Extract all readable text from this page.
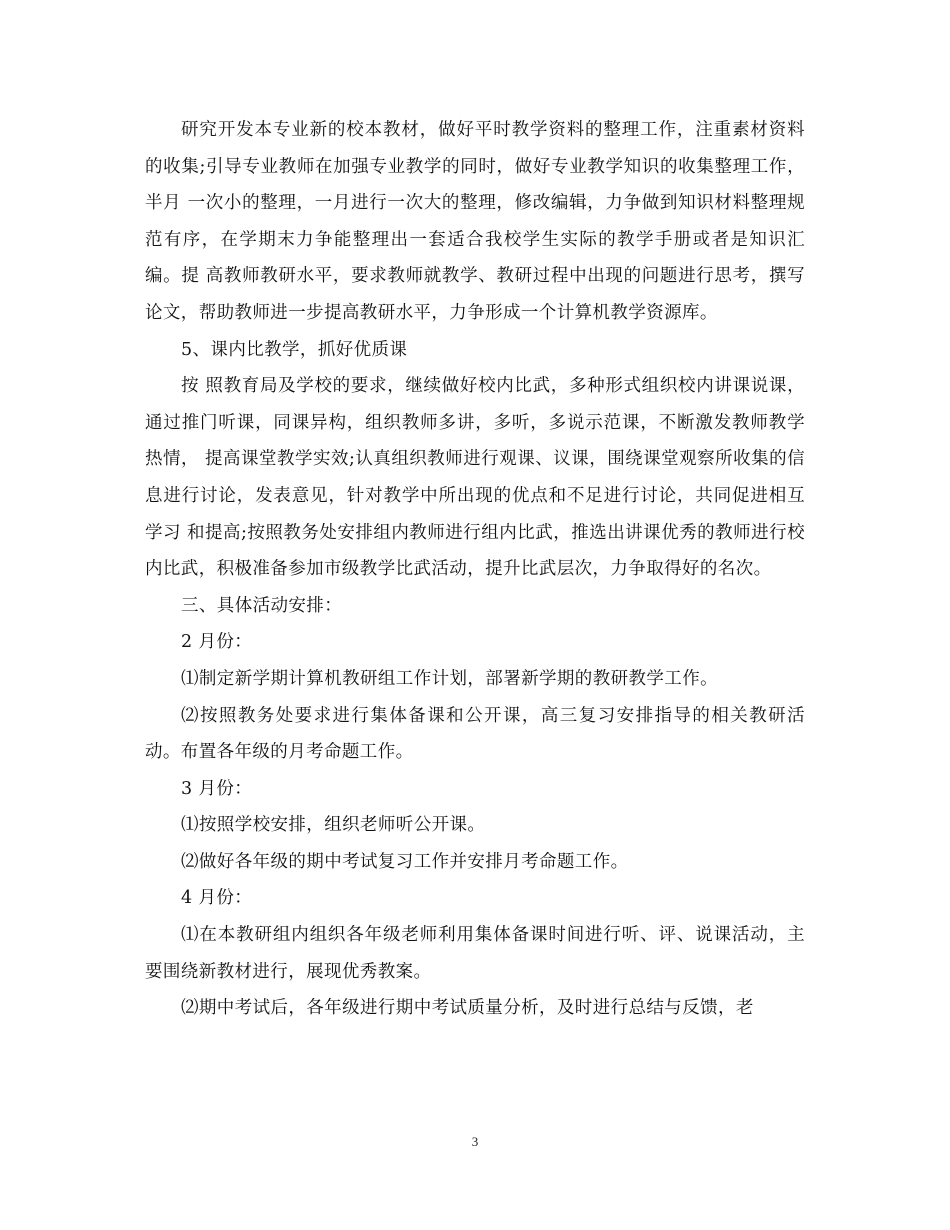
研究开发本专业新的校本教材，做好平时教学资料的整理工作，注重素材资料的收集;引导专业教师在加强专业教学的同时，做好专业教学知识的收集整理工作，半月 一次小的整理，一月进行一次大的整理，修改编辑，力争做到知识材料整理规范有序，在学期末力争能整理出一套适合我校学生实际的教学手册或者是知识汇编。提 高教师教研水平，要求教师就教学、教研过程中出现的问题进行思考，撰写论文，帮助教师进一步提高教研水平，力争形成一个计算机教学资源库。

5、课内比教学，抓好优质课

按 照教育局及学校的要求，继续做好校内比武，多种形式组织校内讲课说课，通过推门听课，同课异构，组织教师多讲，多听，多说示范课，不断激发教师教学热情， 提高课堂教学实效;认真组织教师进行观课、议课，围绕课堂观察所收集的信息进行讨论，发表意见，针对教学中所出现的优点和不足进行讨论，共同促进相互学习 和提高;按照教务处安排组内教师进行组内比武，推选出讲课优秀的教师进行校内比武，积极准备参加市级教学比武活动，提升比武层次，力争取得好的名次。

三、具体活动安排：

2 月份：

⑴制定新学期计算机教研组工作计划，部署新学期的教研教学工作。

⑵按照教务处要求进行集体备课和公开课，高三复习安排指导的相关教研活动。布置各年级的月考命题工作。

3 月份：

⑴按照学校安排，组织老师听公开课。

⑵做好各年级的期中考试复习工作并安排月考命题工作。

4 月份：

⑴在本教研组内组织各年级老师利用集体备课时间进行听、评、说课活动，主要围绕新教材进行，展现优秀教案。

⑵期中考试后，各年级进行期中考试质量分析，及时进行总结与反馈，老

3
